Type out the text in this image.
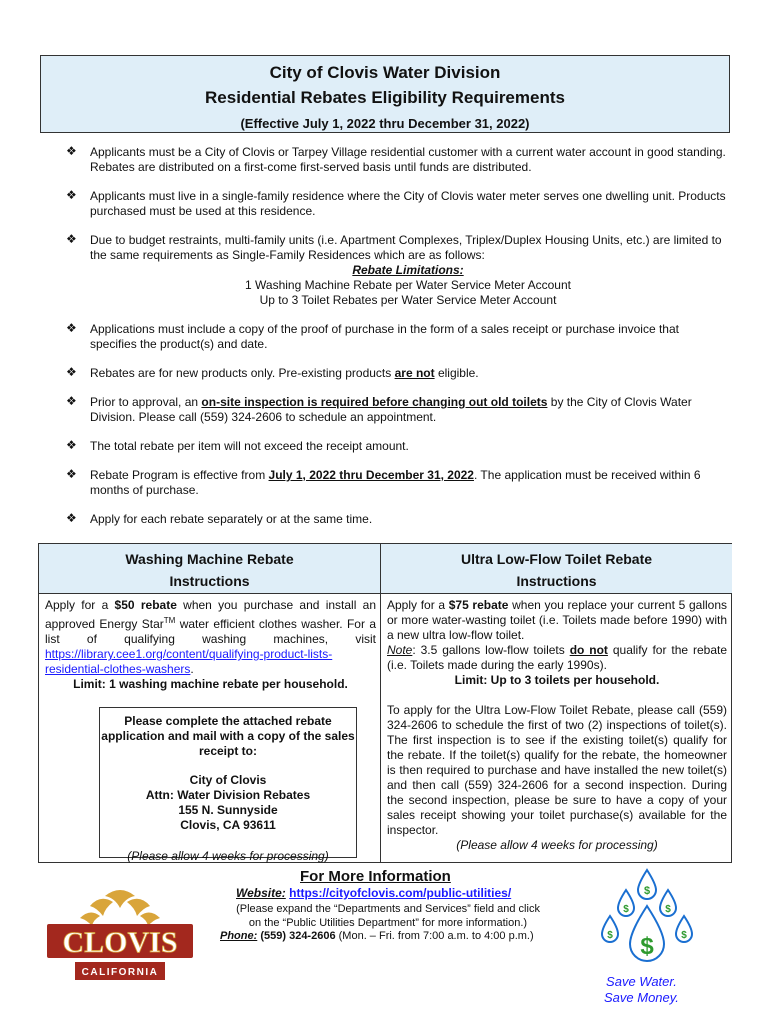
City of Clovis Water Division
Residential Rebates Eligibility Requirements
(Effective July 1, 2022 thru December 31, 2022)
❖ Applicants must be a City of Clovis or Tarpey Village residential customer with a current water account in good standing. Rebates are distributed on a first-come first-served basis until funds are distributed.
❖ Applicants must live in a single-family residence where the City of Clovis water meter serves one dwelling unit. Products purchased must be used at this residence.
❖ Due to budget restraints, multi-family units (i.e. Apartment Complexes, Triplex/Duplex Housing Units, etc.) are limited to the same requirements as Single-Family Residences which are as follows:
Rebate Limitations:
1 Washing Machine Rebate per Water Service Meter Account
Up to 3 Toilet Rebates per Water Service Meter Account
❖ Applications must include a copy of the proof of purchase in the form of a sales receipt or purchase invoice that specifies the product(s) and date.
❖ Rebates are for new products only. Pre-existing products are not eligible.
❖ Prior to approval, an on-site inspection is required before changing out old toilets by the City of Clovis Water Division. Please call (559) 324-2606 to schedule an appointment.
❖ The total rebate per item will not exceed the receipt amount.
❖ Rebate Program is effective from July 1, 2022 thru December 31, 2022. The application must be received within 6 months of purchase.
❖ Apply for each rebate separately or at the same time.
Washing Machine Rebate
Instructions
Ultra Low-Flow Toilet Rebate
Instructions
Apply for a $50 rebate when you purchase and install an approved Energy Star™ water efficient clothes washer. For a list of qualifying washing machines, visit https://library.cee1.org/content/qualifying-product-lists-residential-clothes-washers.
Limit: 1 washing machine rebate per household.
Please complete the attached rebate application and mail with a copy of the sales receipt to:
City of Clovis
Attn: Water Division Rebates
155 N. Sunnyside
Clovis, CA 93611
(Please allow 4 weeks for processing)
Apply for a $75 rebate when you replace your current 5 gallons or more water-wasting toilet (i.e. Toilets made before 1990) with a new ultra low-flow toilet.
Note: 3.5 gallons low-flow toilets do not qualify for the rebate (i.e. Toilets made during the early 1990s).
Limit: Up to 3 toilets per household.
To apply for the Ultra Low-Flow Toilet Rebate, please call (559) 324-2606 to schedule the first of two (2) inspections of toilet(s). The first inspection is to see if the existing toilet(s) qualify for the rebate. If the toilet(s) qualify for the rebate, the homeowner is then required to purchase and have installed the new toilet(s) and then call (559) 324-2606 for a second inspection. During the second inspection, please be sure to have a copy of your sales receipt showing your toilet purchase(s) available for the inspector.
(Please allow 4 weeks for processing)
CLOVIS
CALIFORNIA
For More Information
Website: https://cityofclovis.com/public-utilities/
(Please expand the “Departments and Services” field and click
on the “Public Utilities Department” for more information.)
Phone: (559) 324-2606 (Mon. – Fri. from 7:00 a.m. to 4:00 p.m.)
$
$	$
$	$
$
Save Water.
Save Money.
